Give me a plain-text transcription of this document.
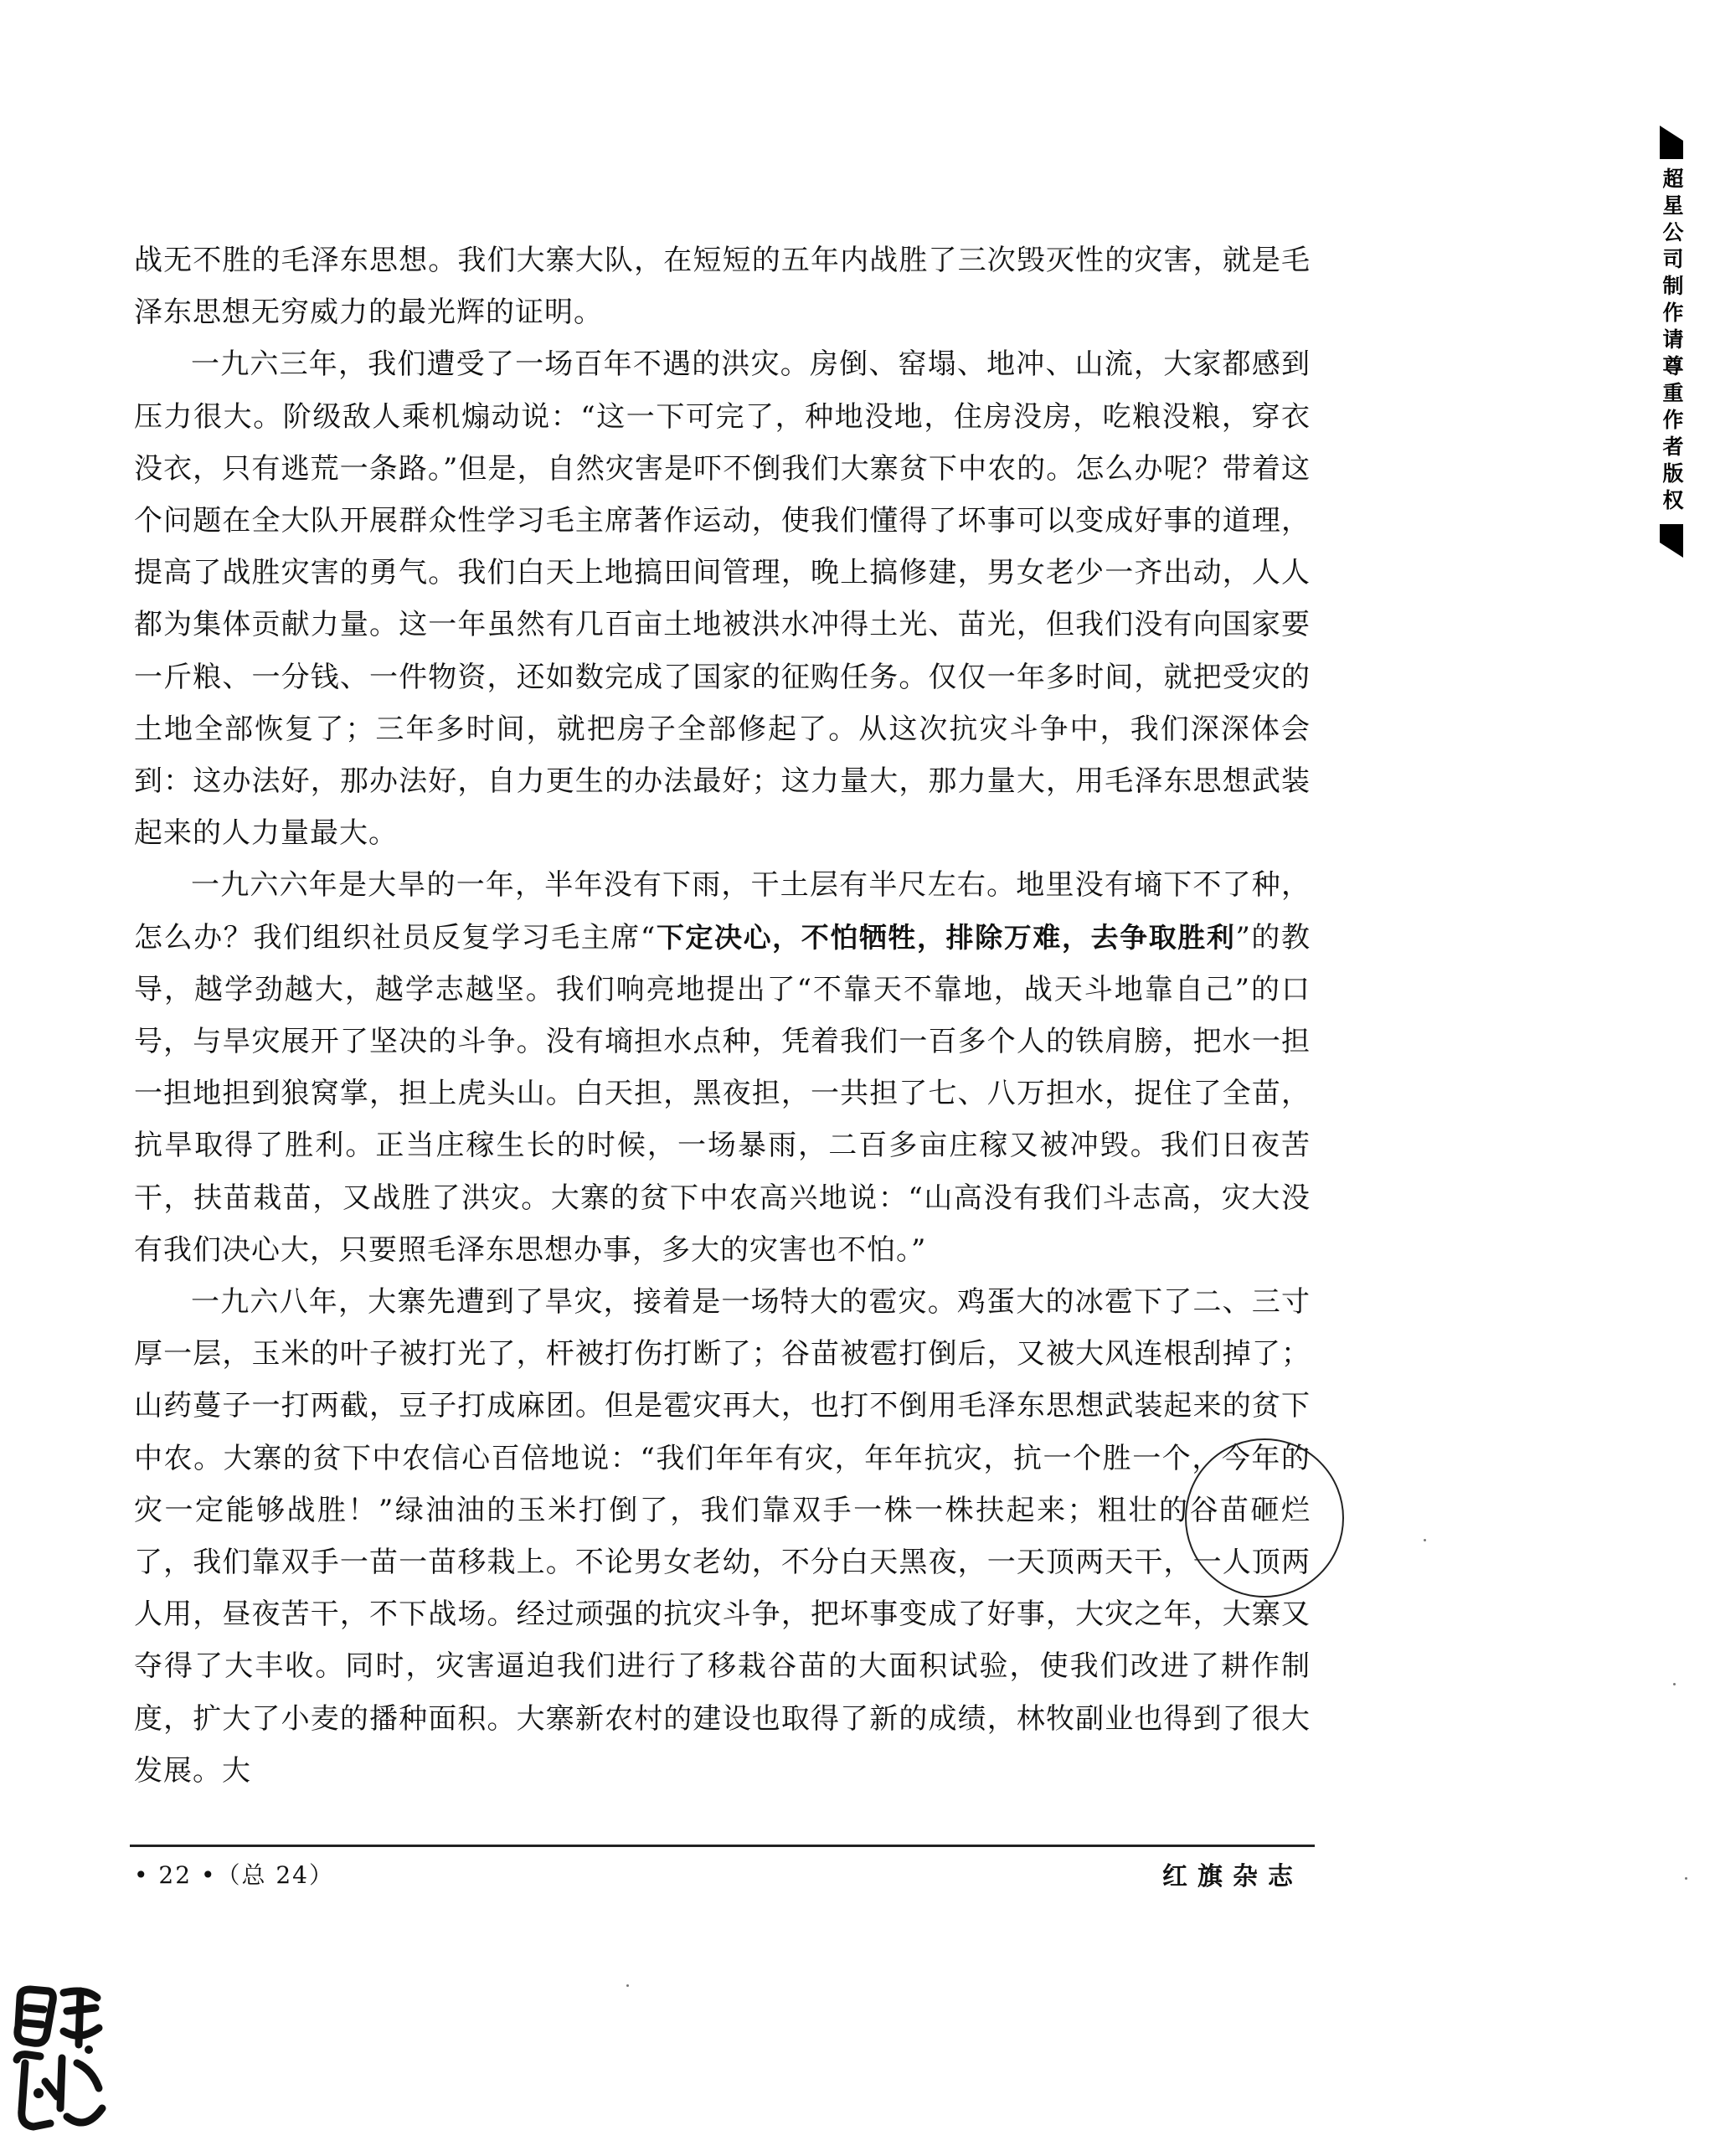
超星公司制作请尊重作者版权

战无不胜的毛泽东思想。我们大寨大队，在短短的五年内战胜了三次毁灭性的灾害，就是毛泽东思想无穷威力的最光辉的证明。

一九六三年，我们遭受了一场百年不遇的洪灾。房倒、窑塌、地冲、山流，大家都感到压力很大。阶级敌人乘机煽动说：“这一下可完了，种地没地，住房没房，吃粮没粮，穿衣没衣，只有逃荒一条路。”但是，自然灾害是吓不倒我们大寨贫下中农的。怎么办呢？带着这个问题在全大队开展群众性学习毛主席著作运动，使我们懂得了坏事可以变成好事的道理，提高了战胜灾害的勇气。我们白天上地搞田间管理，晚上搞修建，男女老少一齐出动，人人都为集体贡献力量。这一年虽然有几百亩土地被洪水冲得土光、苗光，但我们没有向国家要一斤粮、一分钱、一件物资，还如数完成了国家的征购任务。仅仅一年多时间，就把受灾的土地全部恢复了；三年多时间，就把房子全部修起了。从这次抗灾斗争中，我们深深体会到：这办法好，那办法好，自力更生的办法最好；这力量大，那力量大，用毛泽东思想武装起来的人力量最大。

一九六六年是大旱的一年，半年没有下雨，干土层有半尺左右。地里没有墒下不了种，怎么办？我们组织社员反复学习毛主席“下定决心，不怕牺牲，排除万难，去争取胜利”的教导，越学劲越大，越学志越坚。我们响亮地提出了“不靠天不靠地，战天斗地靠自己”的口号，与旱灾展开了坚决的斗争。没有墒担水点种，凭着我们一百多个人的铁肩膀，把水一担一担地担到狼窝掌，担上虎头山。白天担，黑夜担，一共担了七、八万担水，捉住了全苗，抗旱取得了胜利。正当庄稼生长的时候，一场暴雨，二百多亩庄稼又被冲毁。我们日夜苦干，扶苗栽苗，又战胜了洪灾。大寨的贫下中农高兴地说：“山高没有我们斗志高，灾大没有我们决心大，只要照毛泽东思想办事，多大的灾害也不怕。”

一九六八年，大寨先遭到了旱灾，接着是一场特大的雹灾。鸡蛋大的冰雹下了二、三寸厚一层，玉米的叶子被打光了，杆被打伤打断了；谷苗被雹打倒后，又被大风连根刮掉了；山药蔓子一打两截，豆子打成麻团。但是雹灾再大，也打不倒用毛泽东思想武装起来的贫下中农。大寨的贫下中农信心百倍地说：“我们年年有灾，年年抗灾，抗一个胜一个，今年的灾一定能够战胜！”绿油油的玉米打倒了，我们靠双手一株一株扶起来；粗壮的谷苗砸烂了，我们靠双手一苗一苗移栽上。不论男女老幼，不分白天黑夜，一天顶两天干，一人顶两人用，昼夜苦干，不下战场。经过顽强的抗灾斗争，把坏事变成了好事，大灾之年，大寨又夺得了大丰收。同时，灾害逼迫我们进行了移栽谷苗的大面积试验，使我们改进了耕作制度，扩大了小麦的播种面积。大寨新农村的建设也取得了新的成绩，林牧副业也得到了很大发展。大

• 22 •（总 24）	红旗杂志
